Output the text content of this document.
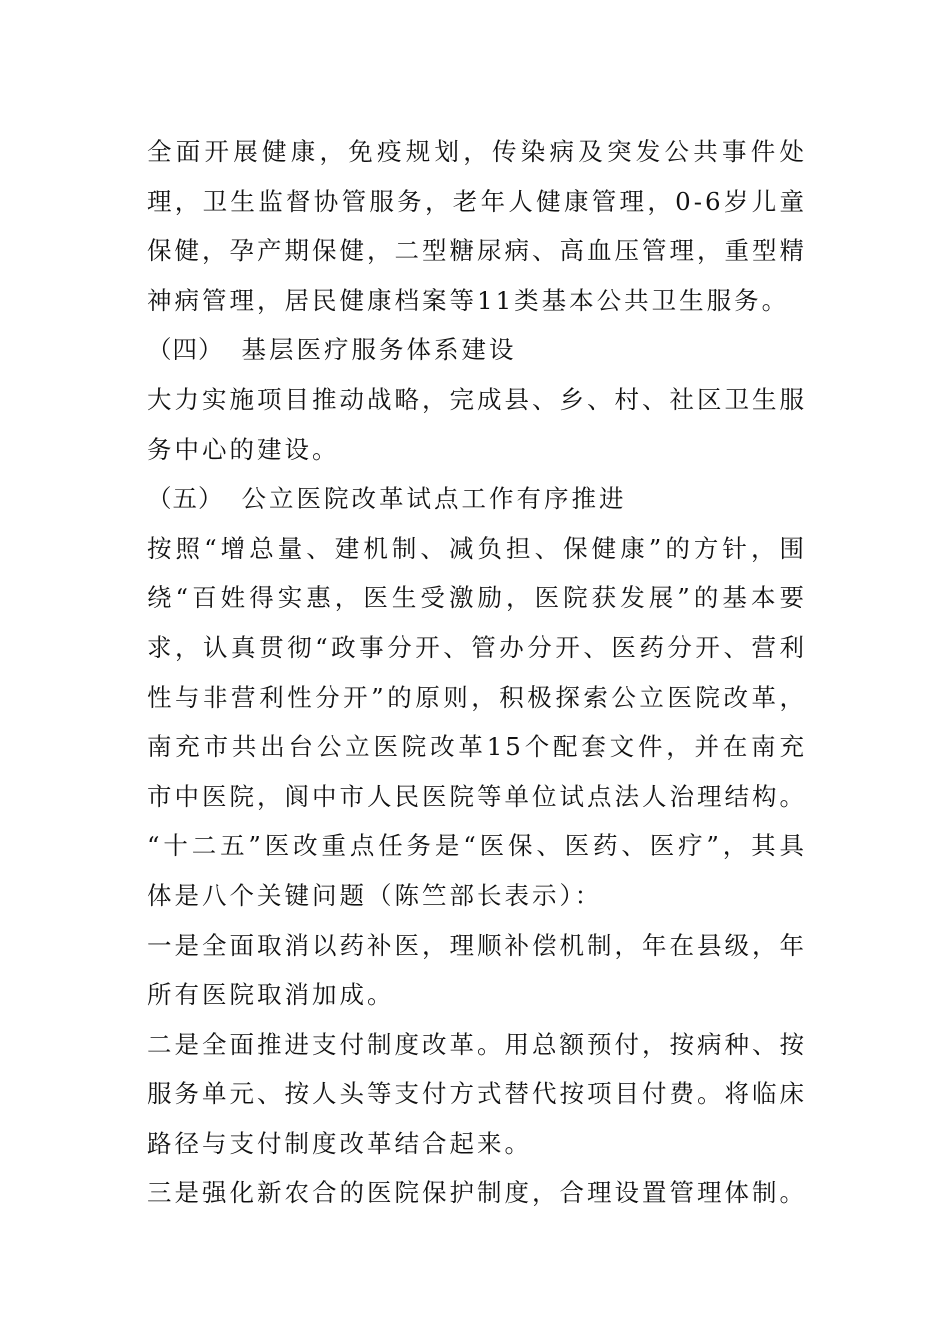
全面开展健康，免疫规划，传染病及突发公共事件处理，卫生监督协管服务，老年人健康管理，0-6岁儿童保健，孕产期保健，二型糖尿病、高血压管理，重型精神病管理，居民健康档案等11类基本公共卫生服务。

（四） 基层医疗服务体系建设

大力实施项目推动战略，完成县、乡、村、社区卫生服务中心的建设。

（五） 公立医院改革试点工作有序推进

按照“增总量、建机制、减负担、保健康”的方针，围绕“百姓得实惠，医生受激励，医院获发展”的基本要求，认真贯彻“政事分开、管办分开、医药分开、营利性与非营利性分开”的原则，积极探索公立医院改革，南充市共出台公立医院改革15个配套文件，并在南充市中医院，阆中市人民医院等单位试点法人治理结构。

“十二五”医改重点任务是“医保、医药、医疗”，其具体是八个关键问题（陈竺部长表示）：

一是全面取消以药补医，理顺补偿机制，年在县级，年所有医院取消加成。

二是全面推进支付制度改革。用总额预付，按病种、按服务单元、按人头等支付方式替代按项目付费。将临床路径与支付制度改革结合起来。

三是强化新农合的医院保护制度，合理设置管理体制。
